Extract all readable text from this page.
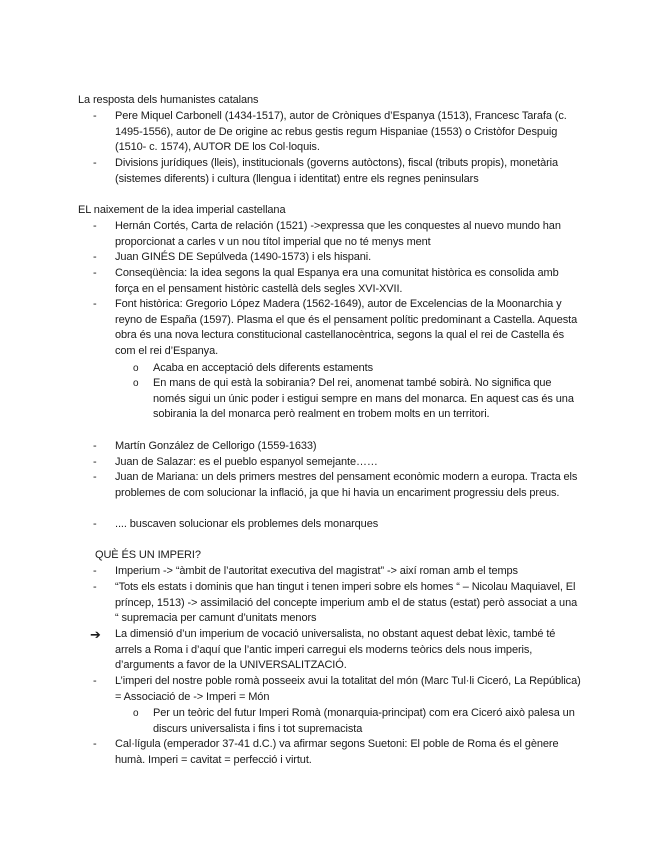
La resposta dels humanistes catalans
- Pere Miquel Carbonell (1434-1517), autor de Cròniques d’Espanya (1513), Francesc Tarafa (c. 1495-1556), autor de De origine ac rebus gestis regum Hispaniae (1553) o Cristòfor Despuig (1510- c. 1574), AUTOR DE los Col·loquis.
- Divisions jurídiques (lleis), institucionals (governs autòctons), fiscal (tributs propis), monetària (sistemes diferents) i cultura (llengua i identitat) entre els regnes peninsulars
EL naixement de la idea imperial castellana
- Hernán Cortés, Carta de relación (1521) ->expressa que les conquestes al nuevo mundo han proporcionat a carles v un nou títol imperial que no té menys ment
- Juan GINÉS DE Sepúlveda (1490-1573) i els hispani.
- Conseqüència: la idea segons la qual Espanya era una comunitat històrica es consolida amb força en el pensament històric castellà dels segles XVI-XVII.
- Font històrica: Gregorio López Madera (1562-1649), autor de Excelencias de la Moonarchia y reyno de España (1597). Plasma el que és el pensament polític predominant a Castella. Aquesta obra és una nova lectura constitucional castellanocèntrica, segons la qual el rei de Castella és com el rei d’Espanya.
o Acaba en acceptació dels diferents estaments
o En mans de qui està la sobirania? Del rei, anomenat també sobirà. No significa que només sigui un únic poder i estigui sempre en mans del monarca. En aquest cas és una sobirania la del monarca però realment en trobem molts en un territori.
- Martín González de Cellorigo (1559-1633)
- Juan de Salazar: es el pueblo espanyol semejante……
- Juan de Mariana: un dels primers mestres del pensament econòmic modern a europa. Tracta els problemes de com solucionar la inflació, ja que hi havia un encariment progressiu dels preus.
- .... buscaven solucionar els problemes dels monarques
QUÈ ÉS UN IMPERI?
- Imperium -> “àmbit de l’autoritat executiva del magistrat” -> així roman amb el temps
- “Tots els estats i dominis que han tingut i tenen imperi sobre els homes “ – Nicolau Maquiavel, El príncep, 1513) -> assimilació del concepte imperium amb el de status (estat) però associat a una “ supremacia per camunt d’unitats menors
➔ La dimensió d’un imperium de vocació universalista, no obstant aquest debat lèxic, també té arrels a Roma i d’aquí que l’antic imperi carregui els moderns teòrics dels nous imperis, d’arguments a favor de la UNIVERSALITZACIÓ.
- L’imperi del nostre poble romà posseeix avui la totalitat del món (Marc Tul·li Ciceró, La República) = Associació de -> Imperi = Món
o Per un teòric del futur Imperi Romà (monarquia-principat) com era Ciceró això palesa un discurs universalista i fins i tot supremacista
- Cal·lígula (emperador 37-41 d.C.) va afirmar segons Suetoni: El poble de Roma és el gènere humà. Imperi = cavitat = perfecció i virtut.
